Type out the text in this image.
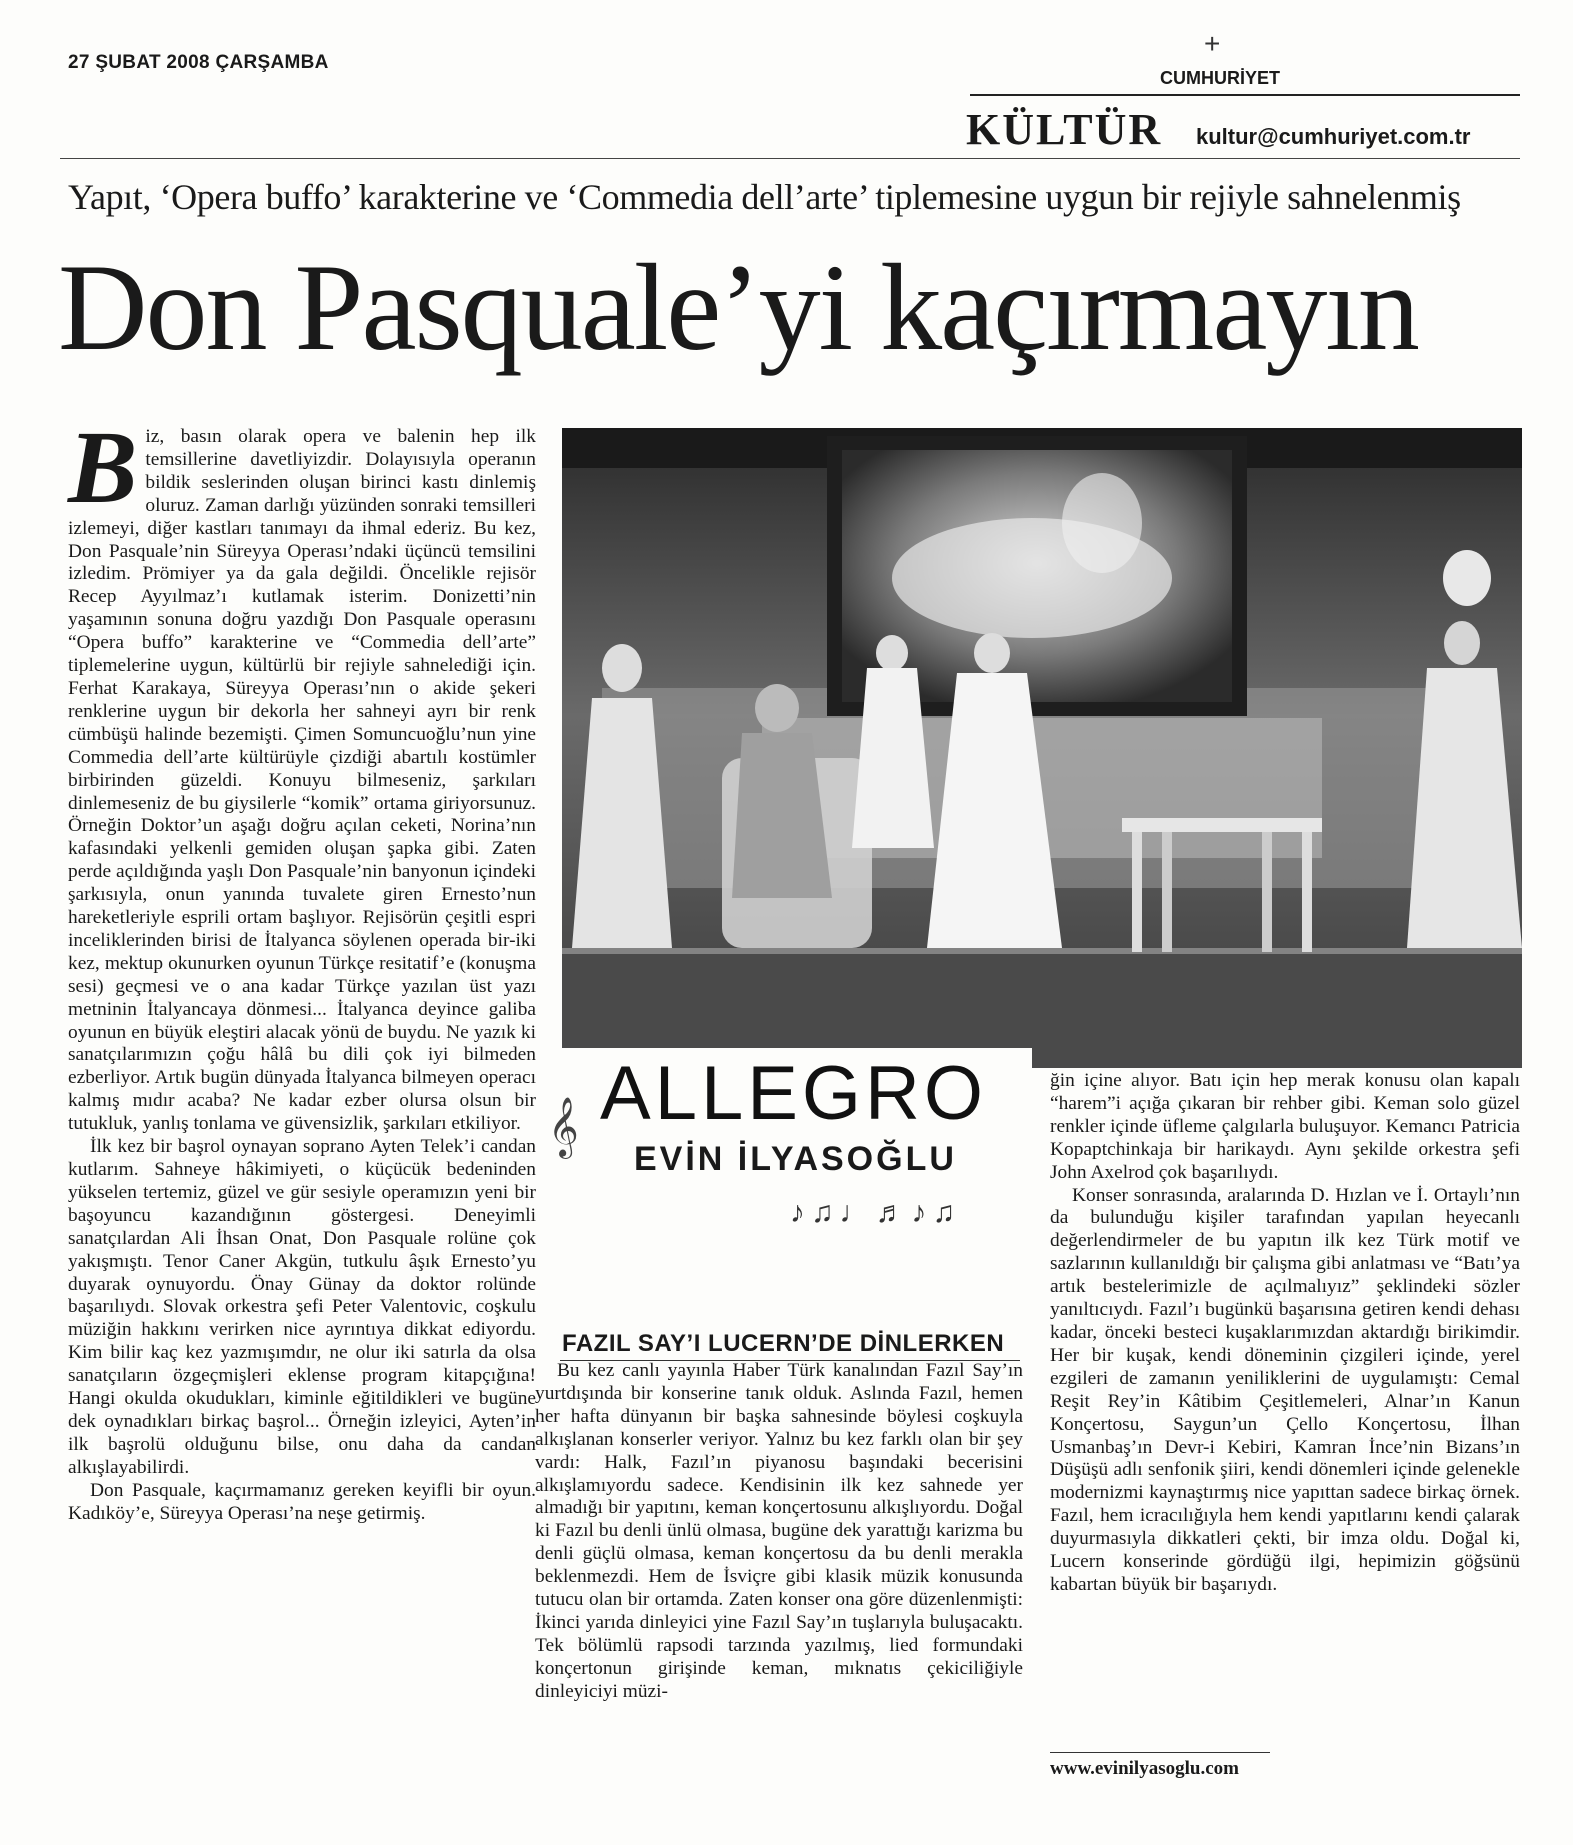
27 ŞUBAT 2008 ÇARŞAMBA
+
CUMHURİYET
KÜLTÜR kultur@cumhuriyet.com.tr
Yapıt, ‘Opera buffo’ karakterine ve ‘Commedia dell’arte’ tiplemesine uygun bir rejiyle sahnelenmiş
Don Pasquale’yi kaçırmayın
B iz, basın olarak opera ve balenin hep ilk temsillerine davetliyizdir. Dolayısıyla operanın bildik seslerinden oluşan birinci kastı dinlemiş oluruz. Zaman darlığı yüzünden sonraki temsilleri izlemeyi, diğer kastları tanımayı da ihmal ederiz. Bu kez, Don Pasquale’nin Süreyya Operası’ndaki üçüncü temsilini izledim. Prömiyer ya da gala değildi. Öncelikle rejisör Recep Ayyılmaz’ı kutlamak isterim. Donizetti’nin yaşamının sonuna doğru yazdığı Don Pasquale operasını “Opera buffo” karakterine ve “Commedia dell’arte” tiplemelerine uygun, kültürlü bir rejiyle sahnelediği için. Ferhat Karakaya, Süreyya Operası’nın o akide şekeri renklerine uygun bir dekorla her sahneyi ayrı bir renk cümbüşü halinde bezemişti. Çimen Somuncuoğlu’nun yine Commedia dell’arte kültürüyle çizdiği abartılı kostümler birbirinden güzeldi. Konuyu bilmeseniz, şarkıları dinlemeseniz de bu giysilerle “komik” ortama giriyorsunuz. Örneğin Doktor’un aşağı doğru açılan ceketi, Norina’nın kafasındaki yelkenli gemiden oluşan şapka gibi. Zaten perde açıldığında yaşlı Don Pasquale’nin banyonun içindeki şarkısıyla, onun yanında tuvalete giren Ernesto’nun hareketleriyle esprili ortam başlıyor. Rejisörün çeşitli espri inceliklerinden birisi de İtalyanca söylenen operada bir-iki kez, mektup okunurken oyunun Türkçe resitatif’e (konuşma sesi) geçmesi ve o ana kadar Türkçe yazılan üst yazı metninin İtalyancaya dönmesi... İtalyanca deyince galiba oyunun en büyük eleştiri alacak yönü de buydu. Ne yazık ki sanatçılarımızın çoğu hâlâ bu dili çok iyi bilmeden ezberliyor. Artık bugün dünyada İtalyanca bilmeyen operacı kalmış mıdır acaba? Ne kadar ezber olursa olsun bir tutukluk, yanlış tonlama ve güvensizlik, şarkıları etkiliyor.

İlk kez bir başrol oynayan soprano Ayten Telek’i candan kutlarım. Sahneye hâkimiyeti, o küçücük bedeninden yükselen tertemiz, güzel ve gür sesiyle operamızın yeni bir başoyuncu kazandığının göstergesi. Deneyimli sanatçılardan Ali İhsan Onat, Don Pasquale rolüne çok yakışmıştı. Tenor Caner Akgün, tutkulu âşık Ernesto’yu duyarak oynuyordu. Önay Günay da doktor rolünde başarılıydı. Slovak orkestra şefi Peter Valentovic, coşkulu müziğin hakkını verirken nice ayrıntıya dikkat ediyordu. Kim bilir kaç kez yazmışımdır, ne olur iki satırla da olsa sanatçıların özgeçmişleri eklense program kitapçığına! Hangi okulda okudukları, kiminle eğitildikleri ve bugüne dek oynadıkları birkaç başrol... Örneğin izleyici, Ayten’in ilk başrolü olduğunu bilse, onu daha da candan alkışlayabilirdi.

Don Pasquale, kaçırmamanız gereken keyifli bir oyun. Kadıköy’e, Süreyya Operası’na neşe getirmiş.

𝄞 ALLEGRO
EVİN İLYASOĞLU
♪♫♩♬♪♫
FAZIL SAY’I LUCERN’DE DİNLERKEN

Bu kez canlı yayınla Haber Türk kanalından Fazıl Say’ın yurtdışında bir konserine tanık olduk. Aslında Fazıl, hemen her hafta dünyanın bir başka sahnesinde böylesi coşkuyla alkışlanan konserler veriyor. Yalnız bu kez farklı olan bir şey vardı: Halk, Fazıl’ın piyanosu başındaki becerisini alkışlamıyordu sadece. Kendisinin ilk kez sahnede yer almadığı bir yapıtını, keman konçertosunu alkışlıyordu. Doğal ki Fazıl bu denli ünlü olmasa, bugüne dek yarattığı karizma bu denli güçlü olmasa, keman konçertosu da bu denli merakla beklenmezdi. Hem de İsviçre gibi klasik müzik konusunda tutucu olan bir ortamda. Zaten konser ona göre düzenlenmişti: İkinci yarıda dinleyici yine Fazıl Say’ın tuşlarıyla buluşacaktı. Tek bölümlü rapsodi tarzında yazılmış, lied formundaki konçertonun girişinde keman, mıknatıs çekiciliğiyle dinleyiciyi müzi-

ğin içine alıyor. Batı için hep merak konusu olan kapalı “harem”i açığa çıkaran bir rehber gibi. Keman solo güzel renkler içinde üfleme çalgılarla buluşuyor. Kemancı Patricia Kopaptchinkaja bir harikaydı. Aynı şekilde orkestra şefi John Axelrod çok başarılıydı.

Konser sonrasında, aralarında D. Hızlan ve İ. Ortaylı’nın da bulunduğu kişiler tarafından yapılan heyecanlı değerlendirmeler de bu yapıtın ilk kez Türk motif ve sazlarının kullanıldığı bir çalışma gibi anlatması ve “Batı’ya artık bestelerimizle de açılmalıyız” şeklindeki sözler yanıltıcıydı. Fazıl’ı bugünkü başarısına getiren kendi dehası kadar, önceki besteci kuşaklarımızdan aktardığı birikimdir. Her bir kuşak, kendi döneminin çizgileri içinde, yerel ezgileri de zamanın yeniliklerini de uygulamıştı: Cemal Reşit Rey’in Kâtibim Çeşitlemeleri, Alnar’ın Kanun Konçertosu, Saygun’un Çello Konçertosu, İlhan Usmanbaş’ın Devr-i Kebiri, Kamran İnce’nin Bizans’ın Düşüşü adlı senfonik şiiri, kendi dönemleri içinde gelenekle modernizmi kaynaştırmış nice yapıttan sadece birkaç örnek. Fazıl, hem icracılığıyla hem kendi yapıtlarını kendi çalarak duyurmasıyla dikkatleri çekti, bir imza oldu. Doğal ki, Lucern konserinde gördüğü ilgi, hepimizin göğsünü kabartan büyük bir başarıydı.

www.evinilyasoglu.com
